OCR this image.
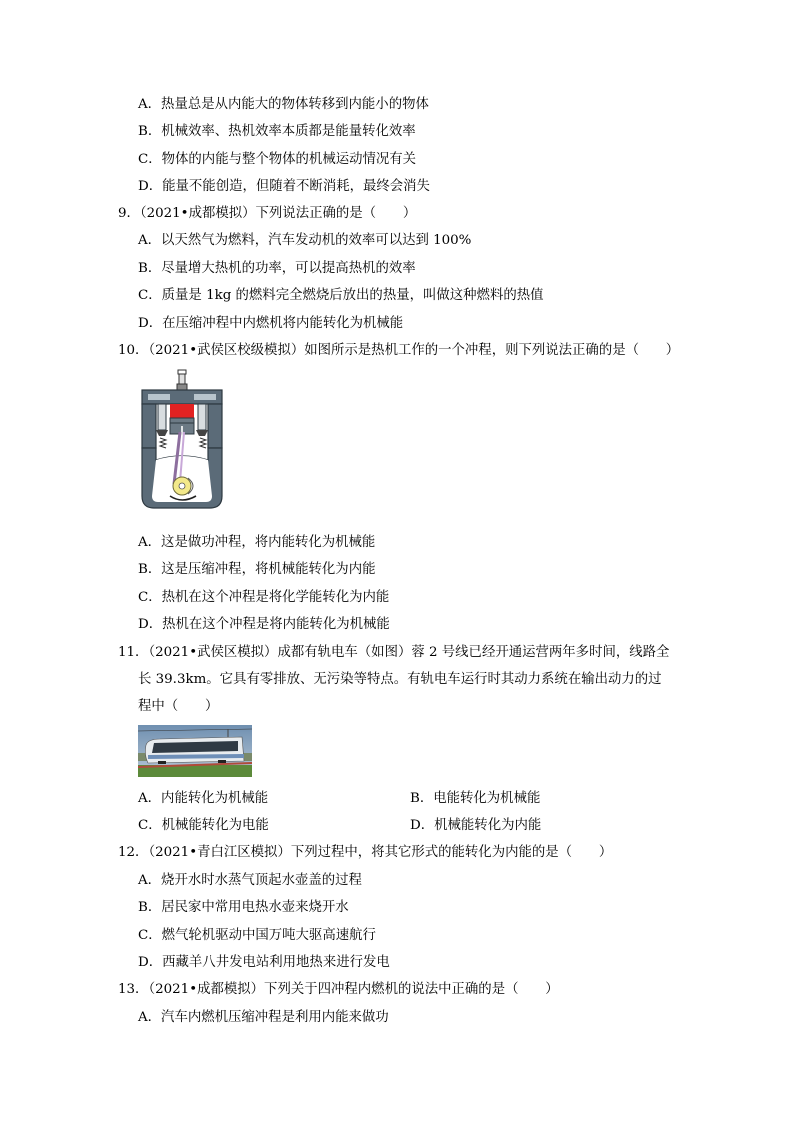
A．热量总是从内能大的物体转移到内能小的物体
B．机械效率、热机效率本质都是能量转化效率
C．物体的内能与整个物体的机械运动情况有关
D．能量不能创造，但随着不断消耗，最终会消失
9．（2021•成都模拟）下列说法正确的是（　　）
A．以天然气为燃料，汽车发动机的效率可以达到 100%
B．尽量增大热机的功率，可以提高热机的效率
C．质量是 1kg 的燃料完全燃烧后放出的热量，叫做这种燃料的热值
D．在压缩冲程中内燃机将内能转化为机械能
10．（2021•武侯区校级模拟）如图所示是热机工作的一个冲程，则下列说法正确的是（　　）
A．这是做功冲程，将内能转化为机械能
B．这是压缩冲程，将机械能转化为内能
C．热机在这个冲程是将化学能转化为内能
D．热机在这个冲程是将内能转化为机械能
11．（2021•武侯区模拟）成都有轨电车（如图）蓉 2 号线已经开通运营两年多时间，线路全
长 39.3km。它具有零排放、无污染等特点。有轨电车运行时其动力系统在输出动力的过
程中（　　）
A．内能转化为机械能	B．电能转化为机械能
C．机械能转化为电能	D．机械能转化为内能
12．（2021•青白江区模拟）下列过程中，将其它形式的能转化为内能的是（　　）
A．烧开水时水蒸气顶起水壶盖的过程
B．居民家中常用电热水壶来烧开水
C．燃气轮机驱动中国万吨大驱高速航行
D．西藏羊八井发电站利用地热来进行发电
13．（2021•成都模拟）下列关于四冲程内燃机的说法中正确的是（　　）
A．汽车内燃机压缩冲程是利用内能来做功
